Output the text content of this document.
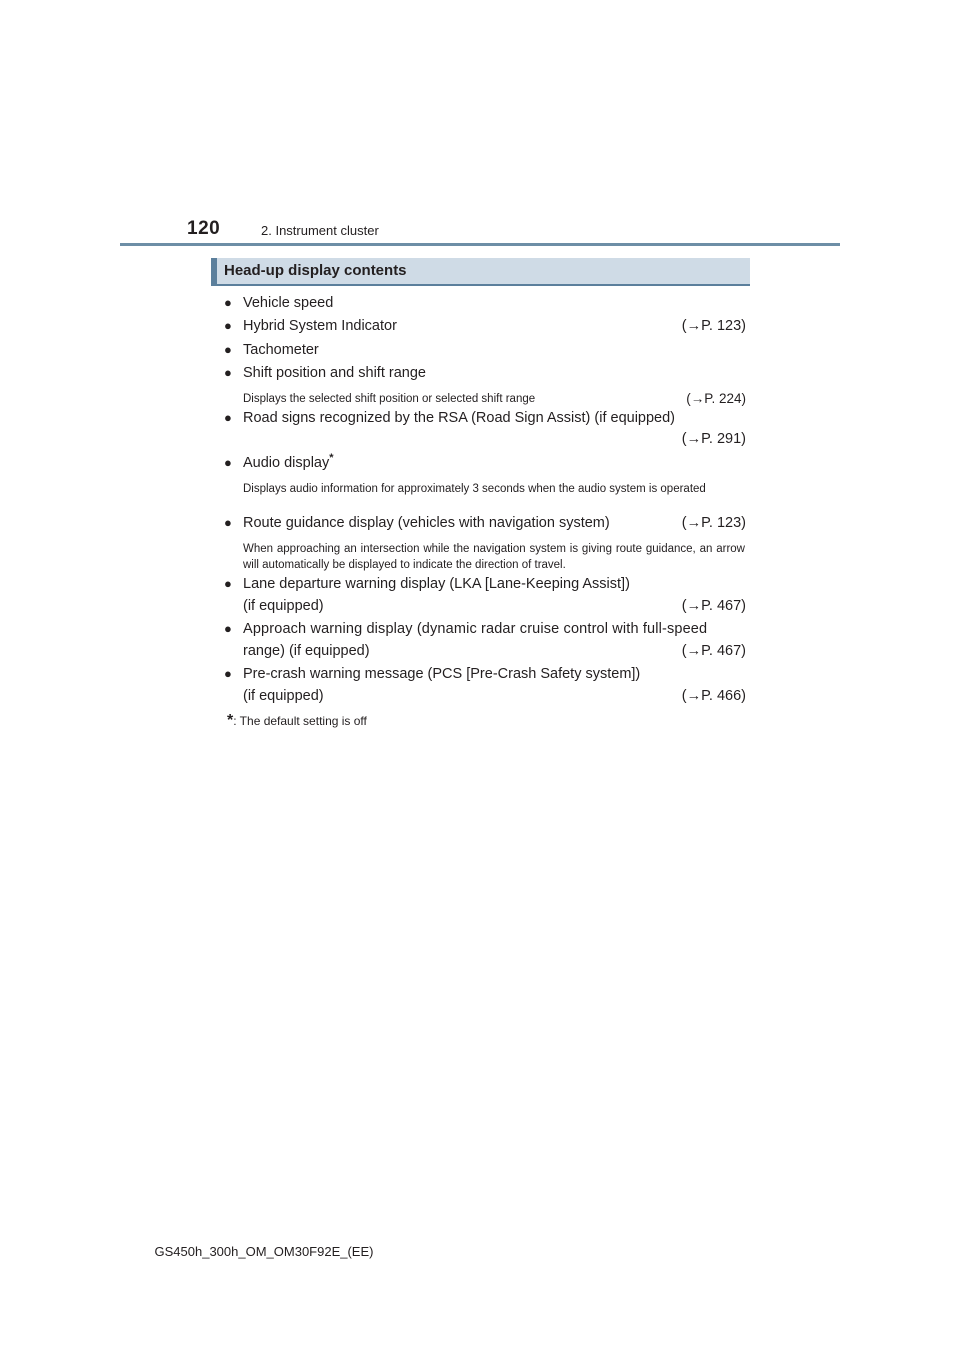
120	2. Instrument cluster
Head-up display contents
● Vehicle speed
● Hybrid System Indicator	(→P. 123)
● Tachometer
● Shift position and shift range
Displays the selected shift position or selected shift range	(→P. 224)
● Road signs recognized by the RSA (Road Sign Assist) (if equipped)
(→P. 291)
● Audio display*
Displays audio information for approximately 3 seconds when the audio system is operated
● Route guidance display (vehicles with navigation system)	(→P. 123)
When approaching an intersection while the navigation system is giving route guidance, an arrow will automatically be displayed to indicate the direction of travel.
● Lane departure warning display (LKA [Lane-Keeping Assist])
(if equipped)	(→P. 467)
● Approach warning display (dynamic radar cruise control with full-speed
range) (if equipped)	(→P. 467)
● Pre-crash warning message (PCS [Pre-Crash Safety system])
(if equipped)	(→P. 466)
*: The default setting is off
GS450h_300h_OM_OM30F92E_(EE)
